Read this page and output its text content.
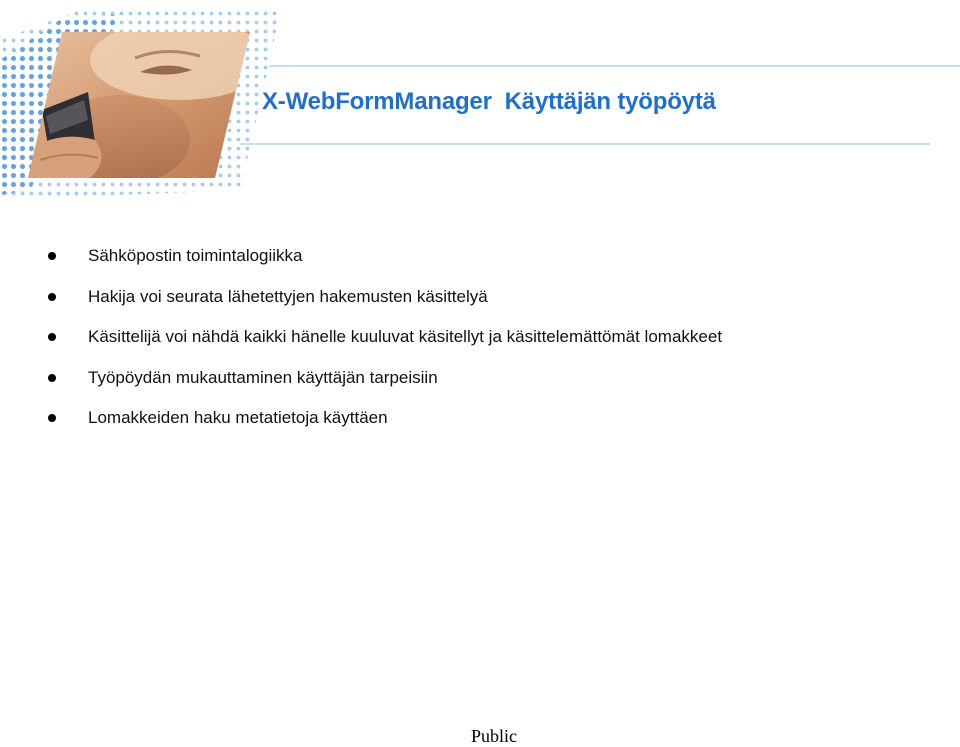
X-WebFormManager  Käyttäjän työpöytä
Sähköpostin toimintalogiikka
Hakija voi seurata lähetettyjen hakemusten käsittelyä
Käsittelijä voi nähdä kaikki hänelle kuuluvat käsitellyt ja käsittelemättömät lomakkeet
Työpöydän mukauttaminen käyttäjän tarpeisiin
Lomakkeiden haku metatietoja käyttäen
Public
